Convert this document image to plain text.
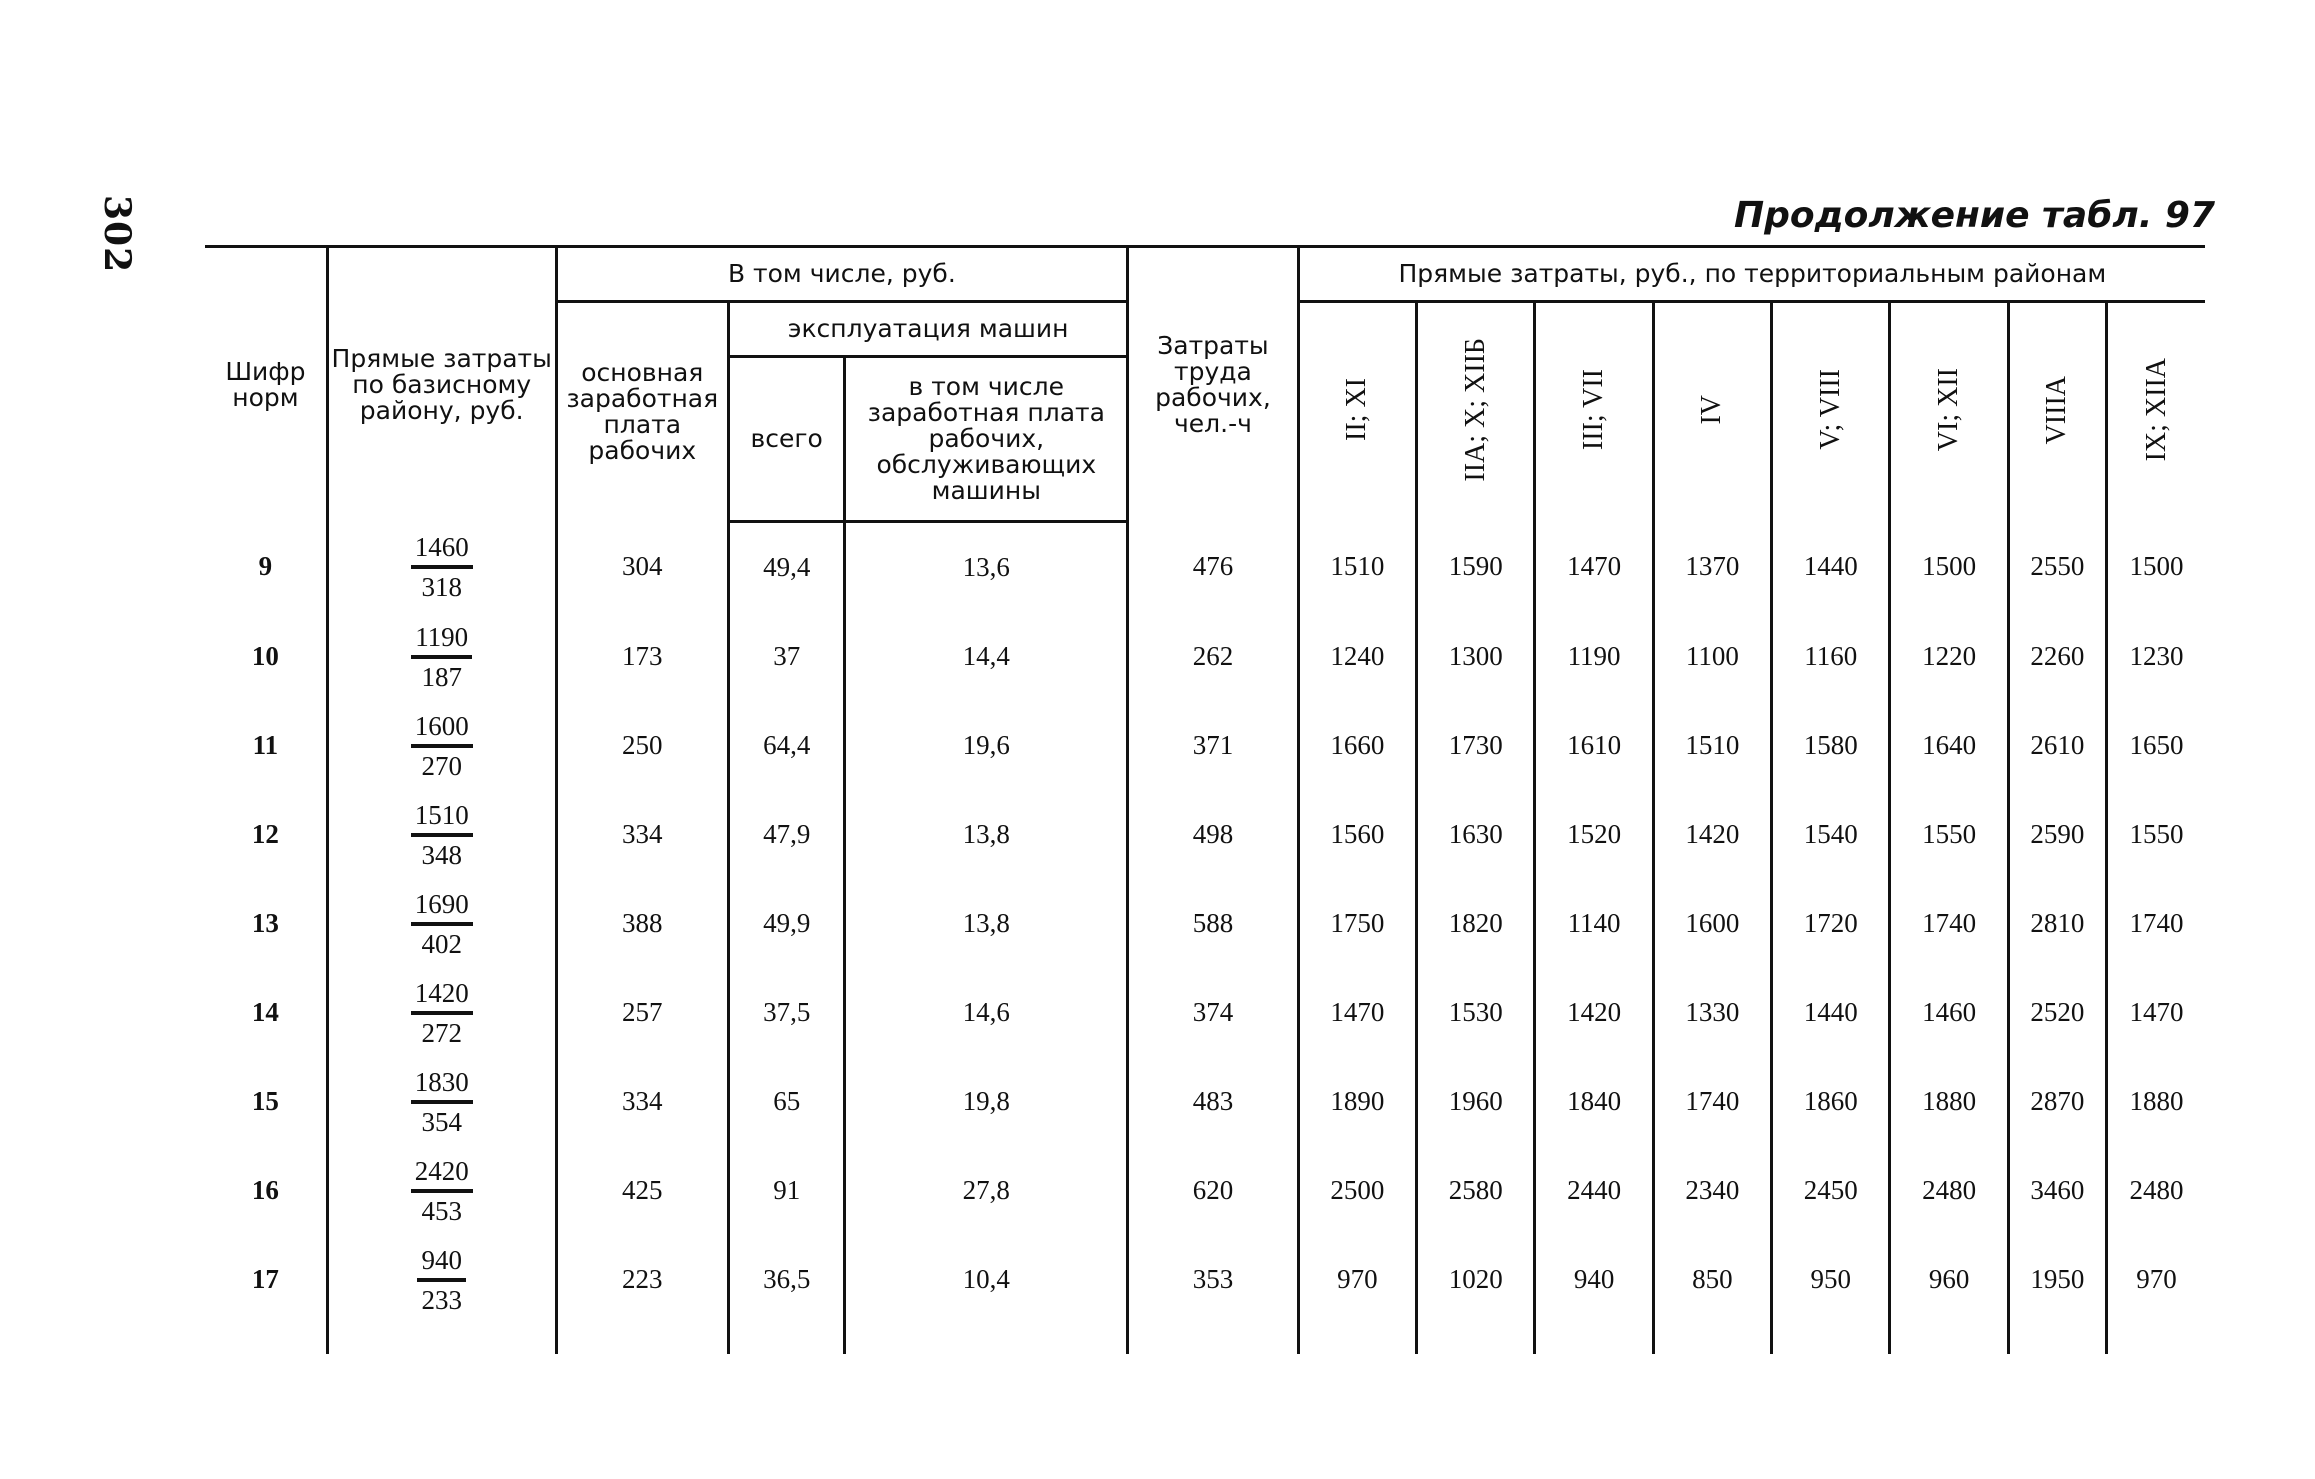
302	Продолжение табл. 97
Шифр норм	Прямые затраты по базисному району, руб.	В том числе, руб.			Затраты труда рабочих, чел.-ч	Прямые затраты, руб., по территориальным районам							
		основная заработная плата рабочих	эксплуатация машин			II; XI	IIА; X; XIIБ	III; VII	IV	V; VIII	VI; XII	VIIIА	IX; XIIА
			всего	в том числе заработная плата рабочих, обслуживающих машины									
9	$\frac{1460}{318}$	304	49,4	13,6	476	1510	1590	1470	1370	1440	1500	2550	1500
10	$\frac{1190}{187}$	173	37	14,4	262	1240	1300	1190	1100	1160	1220	2260	1230
11	$\frac{1600}{270}$	250	64,4	19,6	371	1660	1730	1610	1510	1580	1640	2610	1650
12	$\frac{1510}{348}$	334	47,9	13,8	498	1560	1630	1520	1420	1540	1550	2590	1550
13	$\frac{1690}{402}$	388	49,9	13,8	588	1750	1820	1140	1600	1720	1740	2810	1740
14	$\frac{1420}{272}$	257	37,5	14,6	374	1470	1530	1420	1330	1440	1460	2520	1470
15	$\frac{1830}{354}$	334	65	19,8	483	1890	1960	1840	1740	1860	1880	2870	1880
16	$\frac{2420}{453}$	425	91	27,8	620	2500	2580	2440	2340	2450	2480	3460	2480
17	$\frac{940}{233}$	223	36,5	10,4	353	970	1020	940	850	950	960	1950	970
